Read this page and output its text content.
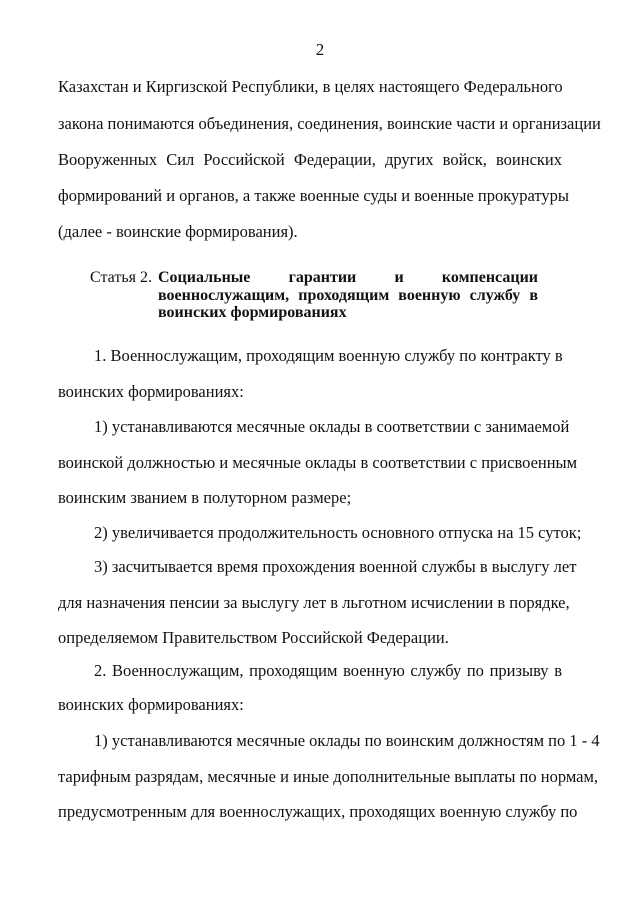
2
Казахстан и Киргизской Республики, в целях настоящего Федерального
закона понимаются объединения, соединения, воинские части и организации
Вооруженных Сил Российской Федерации, других войск, воинских
формирований и органов, а также военные суды и военные прокуратуры
(далее - воинские формирования).
Статья 2. Социальные гарантии и компенсации
военнослужащим, проходящим военную службу в
воинских формированиях
1. Военнослужащим, проходящим военную службу по контракту в
воинских формированиях:
1) устанавливаются месячные оклады в соответствии с занимаемой
воинской должностью и месячные оклады в соответствии с присвоенным
воинским званием в полуторном размере;
2) увеличивается продолжительность основного отпуска на 15 суток;
3) засчитывается время прохождения военной службы в выслугу лет
для назначения пенсии за выслугу лет в льготном исчислении в порядке,
определяемом Правительством Российской Федерации.
2. Военнослужащим, проходящим военную службу по призыву в
воинских формированиях:
1) устанавливаются месячные оклады по воинским должностям по 1 - 4
тарифным разрядам, месячные и иные дополнительные выплаты по нормам,
предусмотренным для военнослужащих, проходящих военную службу по
